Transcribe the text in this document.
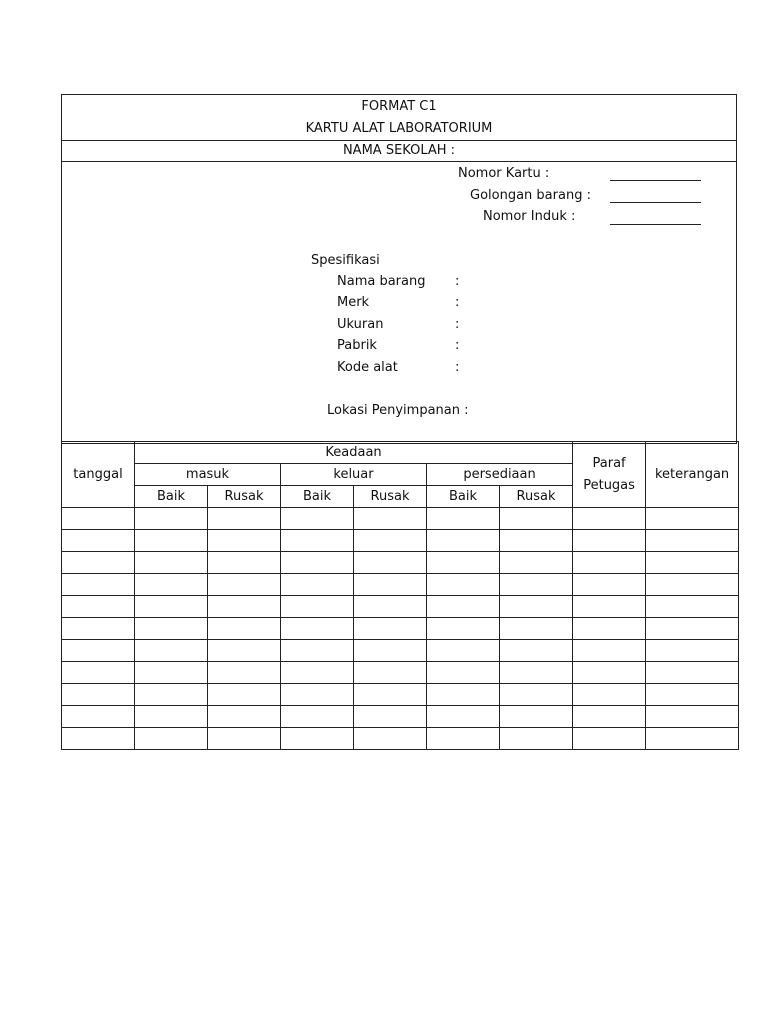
FORMAT C1
KARTU ALAT LABORATORIUM
NAMA SEKOLAH :
Nomor Kartu :
Golongan barang :
Nomor Induk :
Spesifikasi
Nama barang :
Merk	:
Ukuran	:
Pabrik	:
Kode alat	:
Lokasi Penyimpanan :
tanggal	Keadaan						Paraf Petugas	keterangan
	masuk		keluar		persediaan			
	Baik	Rusak	Baik	Rusak	Baik	Rusak		
